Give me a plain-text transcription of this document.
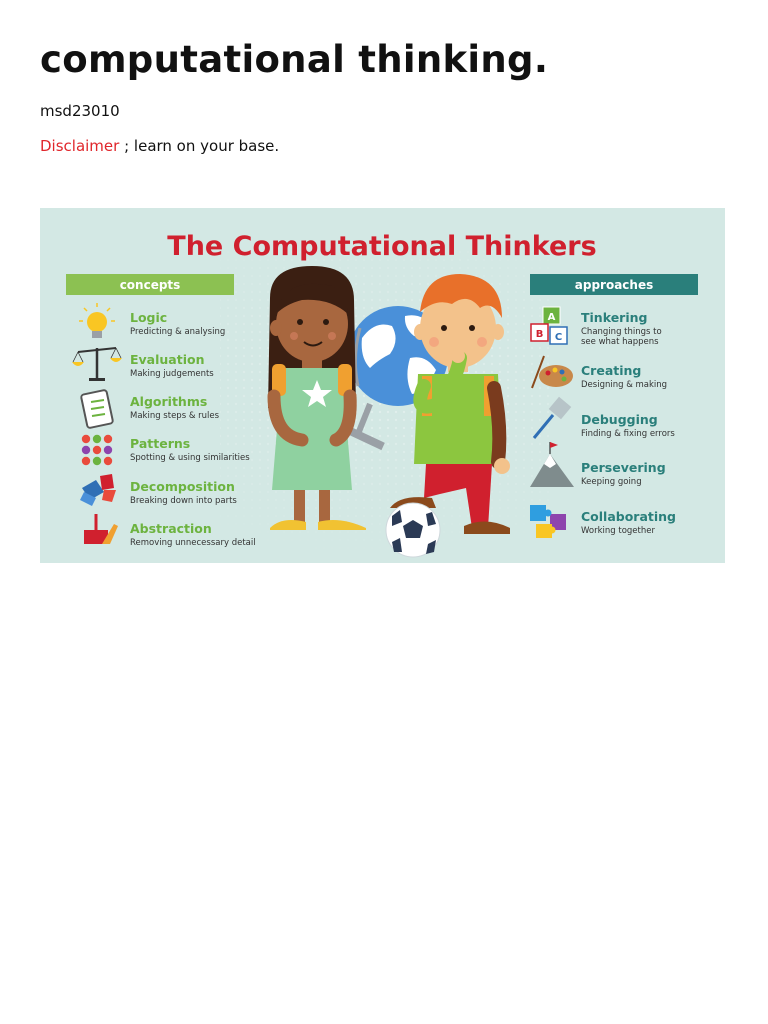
computational thinking.
msd23010
Disclaimer ; learn on your base.
The Computational Thinkers
concepts	approaches
Logic
Predicting & analysing
Evaluation
Making judgements
Algorithms
Making steps & rules
Patterns
Spotting & using similarities
Decomposition
Breaking down into parts
Abstraction
Removing unnecessary detail
A
B C
Tinkering
Changing things to
see what happens
Creating
Designing & making
Debugging
Finding & fixing errors
Persevering
Keeping going
Collaborating
Working together
